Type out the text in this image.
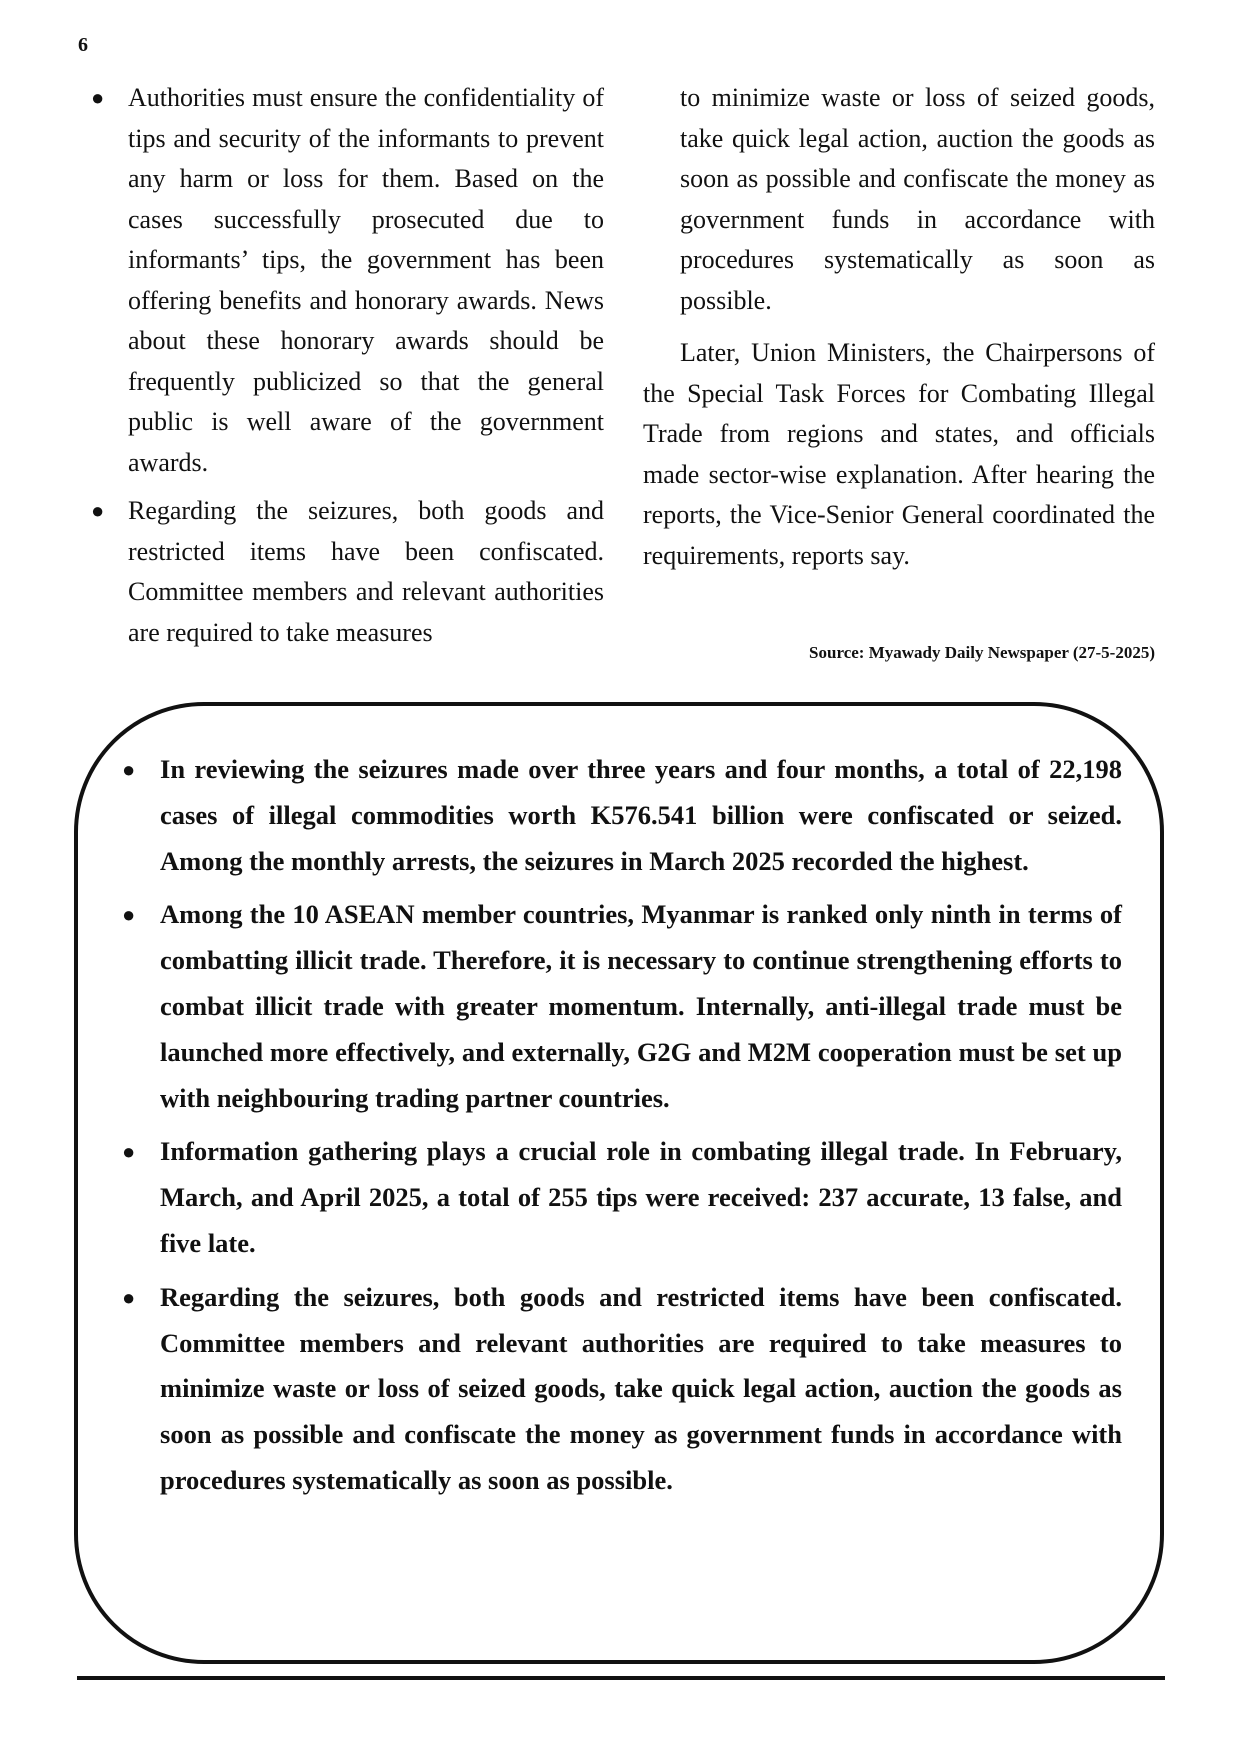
6
● Authorities must ensure the confidentiality of tips and security of the informants to prevent any harm or loss for them. Based on the cases successfully prosecuted due to informants’ tips, the government has been offering benefits and honorary awards. News about these honorary awards should be frequently publicized so that the general public is well aware of the government awards.

● Regarding the seizures, both goods and restricted items have been confiscated. Committee members and relevant authorities are required to take measures

to minimize waste or loss of seized goods, take quick legal action, auction the goods as soon as possible and confiscate the money as government funds in accordance with procedures systematically as soon as possible.

Later, Union Ministers, the Chairpersons of the Special Task Forces for Combating Illegal Trade from regions and states, and officials made sector-wise explanation. After hearing the reports, the Vice-Senior General coordinated the requirements, reports say.

Source: Myawady Daily Newspaper (27-5-2025)

● In reviewing the seizures made over three years and four months, a total of 22,198 cases of illegal commodities worth K576.541 billion were confiscated or seized. Among the monthly arrests, the seizures in March 2025 recorded the highest.

● Among the 10 ASEAN member countries, Myanmar is ranked only ninth in terms of combatting illicit trade. Therefore, it is necessary to continue strengthening efforts to combat illicit trade with greater momentum. Internally, anti-illegal trade must be launched more effectively, and externally, G2G and M2M cooperation must be set up with neighbouring trading partner countries.

● Information gathering plays a crucial role in combating illegal trade. In February, March, and April 2025, a total of 255 tips were received: 237 accurate, 13 false, and five late.

● Regarding the seizures, both goods and restricted items have been confiscated. Committee members and relevant authorities are required to take measures to minimize waste or loss of seized goods, take quick legal action, auction the goods as soon as possible and confiscate the money as government funds in accordance with procedures systematically as soon as possible.
